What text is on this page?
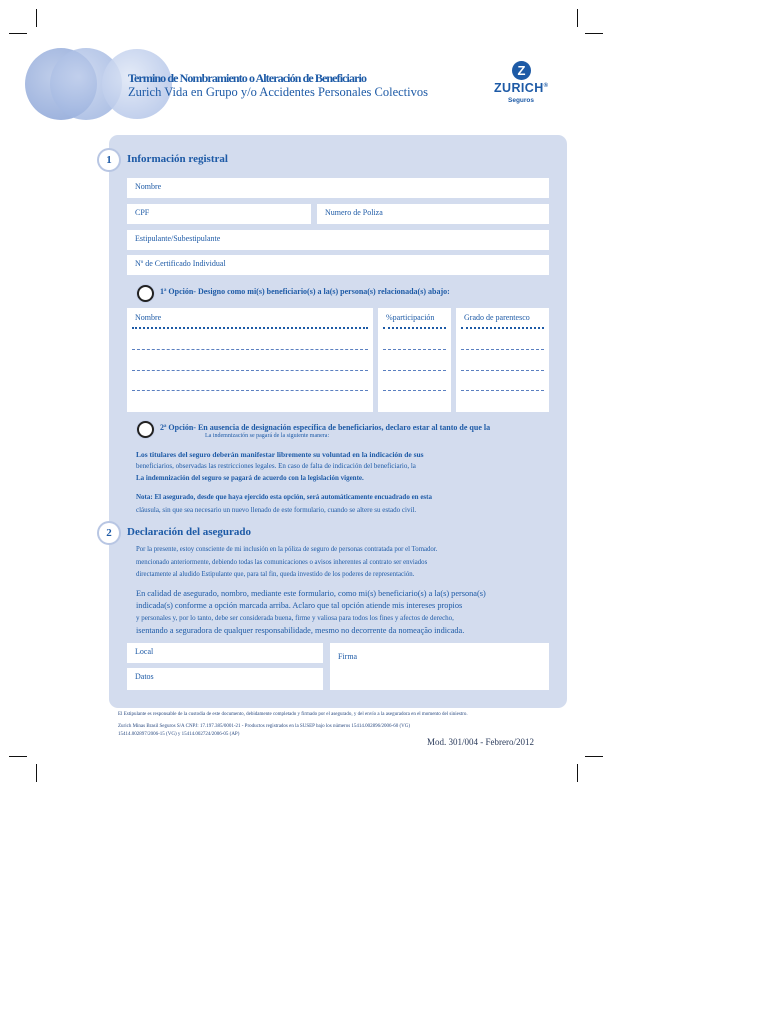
Termino de Nombramiento o Alteración de Beneficiario
Zurich Vida en Grupo y/o Accidentes Personales Colectivos
Z
ZURICH®
Seguros
1	Información registral
Nombre
CPF	Numero de Poliza
Estipulante/Subestipulante
Nº de Certificado Individual
1ª Opción- Designo como mi(s) beneficiario(s) a la(s) persona(s) relacionada(s) abajo:
Nombre	%participación	Grado de parentesco
2ª Opción- En ausencia de designación específica de beneficiarios, declaro estar al tanto de que la
La indemnización se pagará de la siguiente manera:
Los titulares del seguro deberán manifestar libremente su voluntad en la indicación de sus
beneficiarios, observadas las restricciones legales. En caso de falta de indicación del beneficiario, la
La indemnización del seguro se pagará de acuerdo con la legislación vigente.
Nota: El asegurado, desde que haya ejercido esta opción, será automáticamente encuadrado en esta
cláusula, sin que sea necesario un nuevo llenado de este formulario, cuando se altere su estado civil.
2	Declaración del asegurado
Por la presente, estoy consciente de mi inclusión en la póliza de seguro de personas contratada por el Tomador.
mencionado anteriormente, debiendo todas las comunicaciones o avisos inherentes al contrato ser enviados
directamente al aludido Estipulante que, para tal fin, queda investido de los poderes de representación.
En calidad de asegurado, nombro, mediante este formulario, como mi(s) beneficiario(s) a la(s) persona(s)
indicada(s) conforme a opción marcada arriba. Aclaro que tal opción atiende mis intereses propios
y personales y, por lo tanto, debe ser considerada buena, firme y valiosa para todos los fines y afectos de derecho,
isentando a seguradora de qualquer responsabilidade, mesmo no decorrente da nomeação indicada.
Local
Datos
Firma
El Estipulante es responsable de la custodia de este documento, debidamente completado y firmado por el asegurado, y del envío a la aseguradora en el momento del siniestro.
Zurich Minas Brasil Seguros S/A CNPJ: 17.197.385/0001-21 - Productos registrados en la SUSEP bajo los números 15414.002896/2006-60 (VG)
15414.002897/2006-15 (VG) y 15414.002724/2006-05 (AP)
Mod. 301/004 - Febrero/2012
